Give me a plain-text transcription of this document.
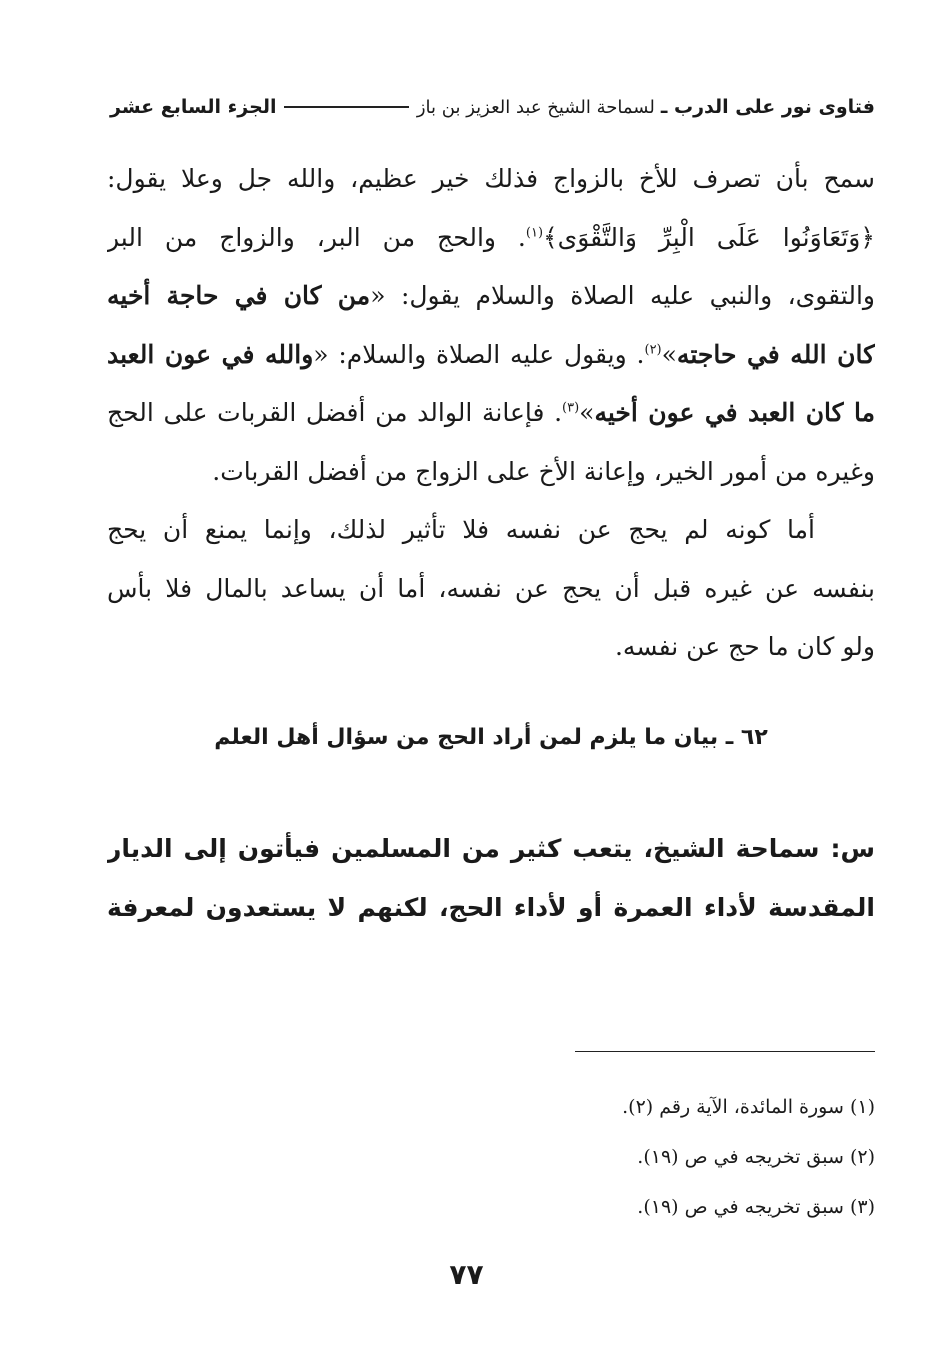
فتاوى نور على الدرب ـ لسماحة الشيخ عبد العزيز بن باز
الجزء السابع عشر
سمح بأن تصرف للأخ بالزواج فذلك خير عظيم، والله جل وعلا يقول:
﴿وَتَعَاوَنُوا عَلَى الْبِرِّ وَالتَّقْوَى﴾$^{(١)}$. والحج من البر، والزواج من البر
والتقوى، والنبي عليه الصلاة والسلام يقول: «من كان في حاجة أخيه
كان الله في حاجته»$^{(٢)}$. ويقول عليه الصلاة والسلام: «والله في عون العبد
ما كان العبد في عون أخيه»$^{(٣)}$. فإعانة الوالد من أفضل القربات على الحج
وغيره من أمور الخير، وإعانة الأخ على الزواج من أفضل القربات.
أما كونه لم يحج عن نفسه فلا تأثير لذلك، وإنما يمنع أن يحج
بنفسه عن غيره قبل أن يحج عن نفسه، أما أن يساعد بالمال فلا بأس
ولو كان ما حج عن نفسه.
٦٢ ـ بيان ما يلزم لمن أراد الحج من سؤال أهل العلم
س: سماحة الشيخ، يتعب كثير من المسلمين فيأتون إلى الديار
المقدسة لأداء العمرة أو لأداء الحج، لكنهم لا يستعدون لمعرفة
(١) سورة المائدة، الآية رقم (٢).
(٢) سبق تخريجه في ص (١٩).
(٣) سبق تخريجه في ص (١٩).
٧٧
